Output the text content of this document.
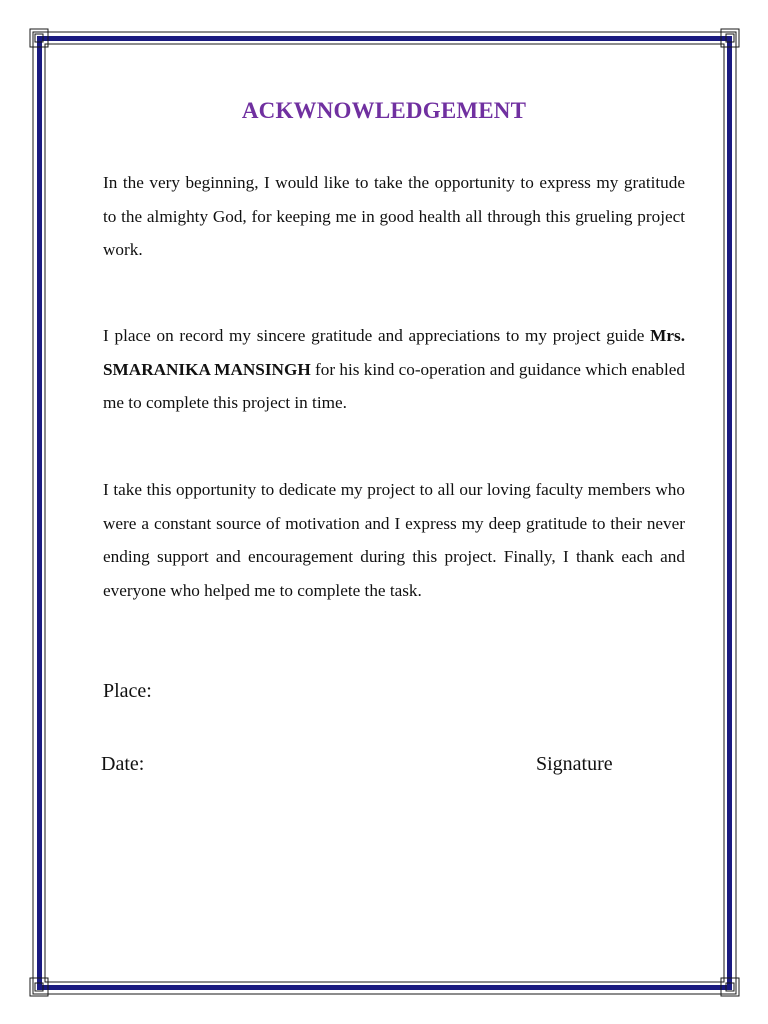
ACKWNOWLEDGEMENT

In the very beginning, I would like to take the opportunity to express my gratitude to the almighty God, for keeping me in good health all through this grueling project work.

I place on record my sincere gratitude and appreciations to my project guide Mrs. SMARANIKA MANSINGH for his kind co-operation and guidance which enabled me to complete this project in time.

I take this opportunity to dedicate my project to all our loving faculty members who were a constant source of motivation and I express my deep gratitude to their never ending support and encouragement during this project. Finally, I thank each and everyone who helped me to complete the task.

Place:

Date:	Signature
